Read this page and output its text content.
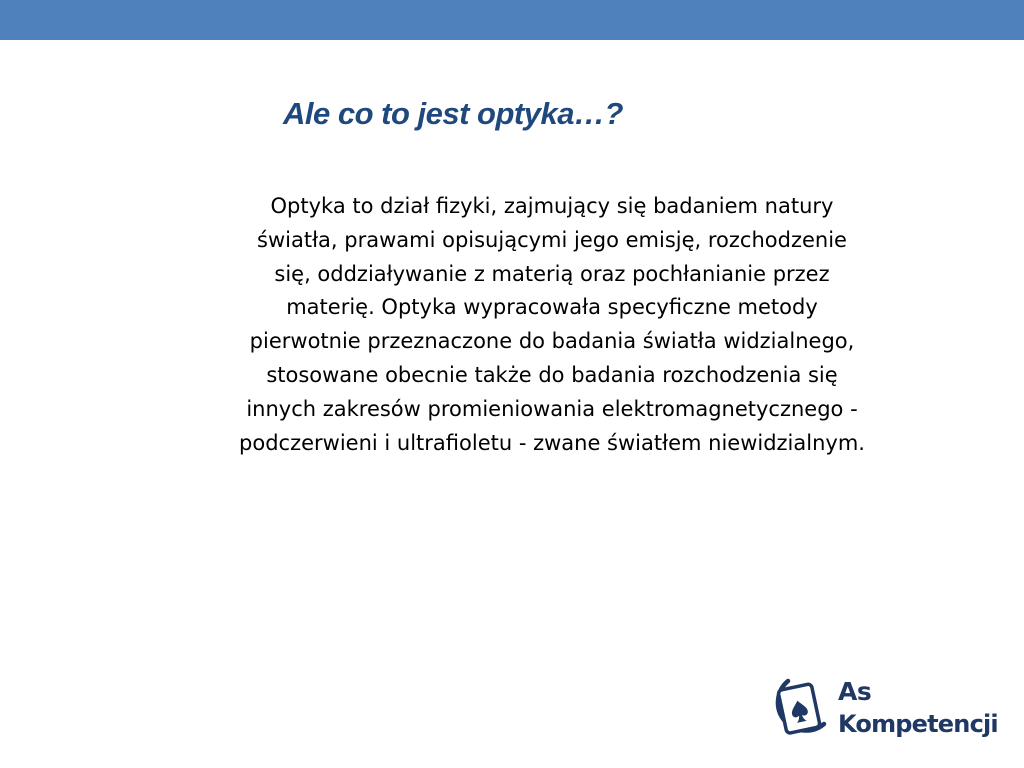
Ale co to jest optyka…?

Optyka to dział fizyki, zajmujący się badaniem natury światła, prawami opisującymi jego emisję, rozchodzenie się, oddziaływanie z materią oraz pochłanianie przez materię. Optyka wypracowała specyficzne metody pierwotnie przeznaczone do badania światła widzialnego, stosowane obecnie także do badania rozchodzenia się innych zakresów promieniowania elektromagnetycznego - podczerwieni i ultrafioletu - zwane światłem niewidzialnym.

As
Kompetencji
